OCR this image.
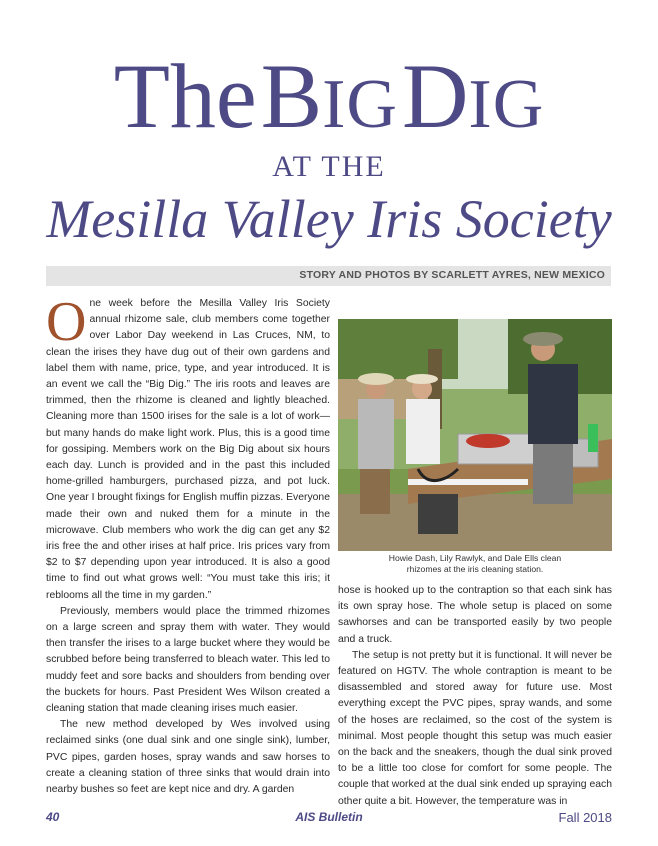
The BIG DIG
AT THE
Mesilla Valley Iris Society
STORY AND PHOTOS BY SCARLETT AYRES, NEW MEXICO

One week before the Mesilla Valley Iris Society annual rhizome sale, club members come together over Labor Day weekend in Las Cruces, NM, to clean the irises they have dug out of their own gardens and label them with name, price, type, and year introduced. It is an event we call the “Big Dig.” The iris roots and leaves are trimmed, then the rhizome is cleaned and lightly bleached. Cleaning more than 1500 irises for the sale is a lot of work—but many hands do make light work. Plus, this is a good time for gossiping. Members work on the Big Dig about six hours each day. Lunch is provided and in the past this included home-grilled hamburgers, purchased pizza, and pot luck. One year I brought fixings for English muffin pizzas. Everyone made their own and nuked them for a minute in the microwave. Club members who work the dig can get any $2 iris free the and other irises at half price. Iris prices vary from $2 to $7 depending upon year introduced. It is also a good time to find out what grows well: “You must take this iris; it reblooms all the time in my garden.”

Previously, members would place the trimmed rhizomes on a large screen and spray them with water. They would then transfer the irises to a large bucket where they would be scrubbed before being transferred to bleach water. This led to muddy feet and sore backs and shoulders from bending over the buckets for hours. Past President Wes Wilson created a cleaning station that made cleaning irises much easier.

The new method developed by Wes involved using reclaimed sinks (one dual sink and one single sink), lumber, PVC pipes, garden hoses, spray wands and saw horses to create a cleaning station of three sinks that would drain into nearby bushes so feet are kept nice and dry. A garden

Howie Dash, Lily Rawlyk, and Dale Ells clean
rhizomes at the iris cleaning station.

hose is hooked up to the contraption so that each sink has its own spray hose. The whole setup is placed on some sawhorses and can be transported easily by two people and a truck.

The setup is not pretty but it is functional. It will never be featured on HGTV. The whole contraption is meant to be disassembled and stored away for future use. Most everything except the PVC pipes, spray wands, and some of the hoses are reclaimed, so the cost of the system is minimal. Most people thought this setup was much easier on the back and the sneakers, though the dual sink proved to be a little too close for comfort for some people. The couple that worked at the dual sink ended up spraying each other quite a bit. However, the temperature was in

40	AIS Bulletin	Fall 2018
